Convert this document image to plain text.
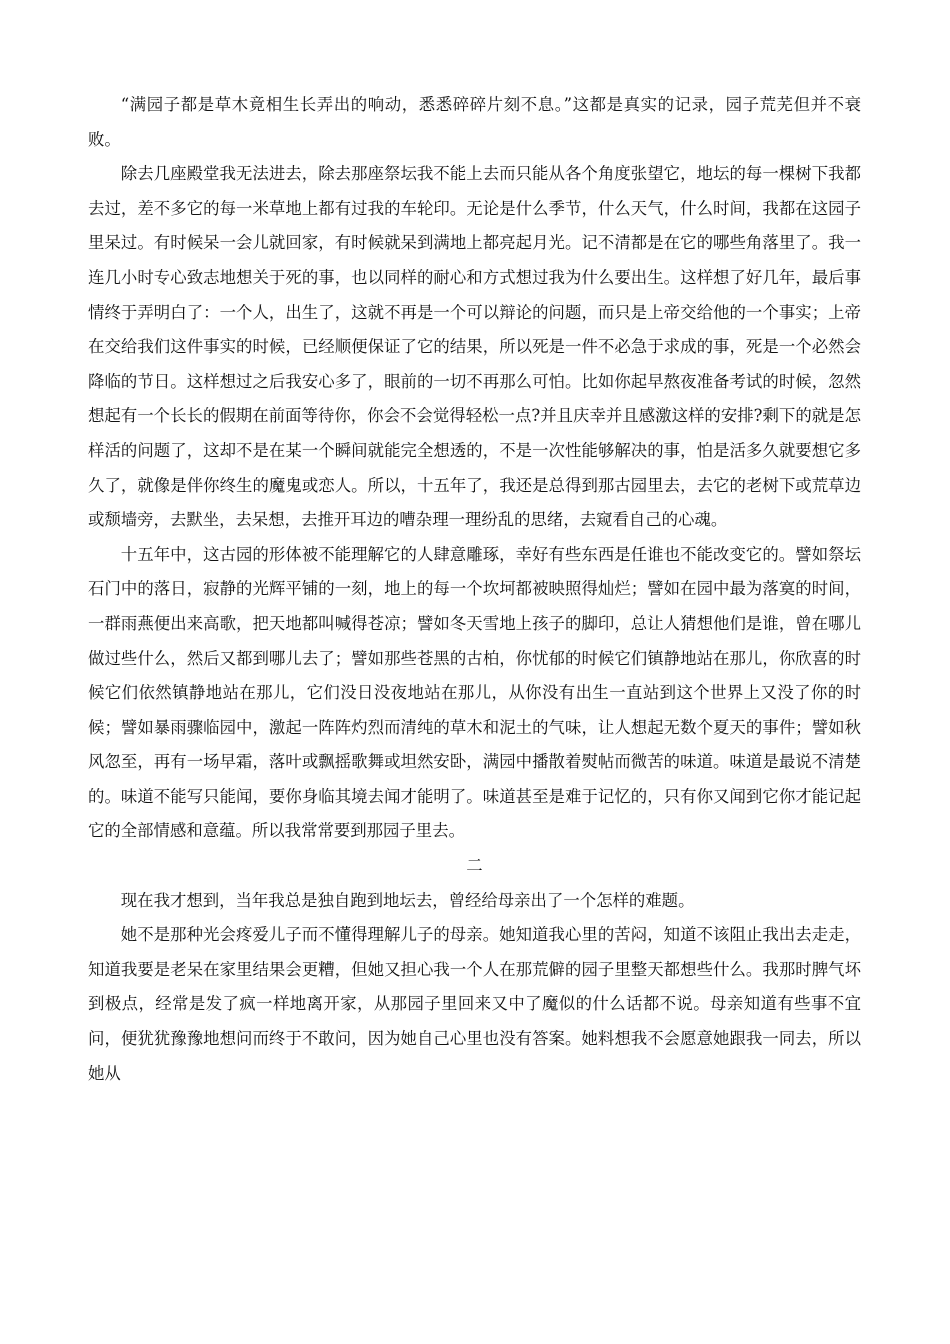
“满园子都是草木竟相生长弄出的响动，悉悉碎碎片刻不息。”这都是真实的记录，园子荒芜但并不衰败。

除去几座殿堂我无法进去，除去那座祭坛我不能上去而只能从各个角度张望它，地坛的每一棵树下我都去过，差不多它的每一米草地上都有过我的车轮印。无论是什么季节，什么天气，什么时间，我都在这园子里呆过。有时候呆一会儿就回家，有时候就呆到满地上都亮起月光。记不清都是在它的哪些角落里了。我一连几小时专心致志地想关于死的事，也以同样的耐心和方式想过我为什么要出生。这样想了好几年，最后事情终于弄明白了：一个人，出生了，这就不再是一个可以辩论的问题，而只是上帝交给他的一个事实；上帝在交给我们这件事实的时候，已经顺便保证了它的结果，所以死是一件不必急于求成的事，死是一个必然会降临的节日。这样想过之后我安心多了，眼前的一切不再那么可怕。比如你起早熬夜准备考试的时候，忽然想起有一个长长的假期在前面等待你，你会不会觉得轻松一点?并且庆幸并且感激这样的安排?剩下的就是怎样活的问题了，这却不是在某一个瞬间就能完全想透的，不是一次性能够解决的事，怕是活多久就要想它多久了，就像是伴你终生的魔鬼或恋人。所以，十五年了，我还是总得到那古园里去，去它的老树下或荒草边或颓墙旁，去默坐，去呆想，去推开耳边的嘈杂理一理纷乱的思绪，去窥看自己的心魂。

十五年中，这古园的形体被不能理解它的人肆意雕琢，幸好有些东西是任谁也不能改变它的。譬如祭坛石门中的落日，寂静的光辉平铺的一刻，地上的每一个坎坷都被映照得灿烂；譬如在园中最为落寞的时间，一群雨燕便出来高歌，把天地都叫喊得苍凉；譬如冬天雪地上孩子的脚印，总让人猜想他们是谁，曾在哪儿做过些什么，然后又都到哪儿去了；譬如那些苍黑的古柏，你忧郁的时候它们镇静地站在那儿，你欣喜的时候它们依然镇静地站在那儿，它们没日没夜地站在那儿，从你没有出生一直站到这个世界上又没了你的时候；譬如暴雨骤临园中，激起一阵阵灼烈而清纯的草木和泥土的气味，让人想起无数个夏天的事件；譬如秋风忽至，再有一场早霜，落叶或飘摇歌舞或坦然安卧，满园中播散着熨帖而微苦的味道。味道是最说不清楚的。味道不能写只能闻，要你身临其境去闻才能明了。味道甚至是难于记忆的，只有你又闻到它你才能记起它的全部情感和意蕴。所以我常常要到那园子里去。

二

现在我才想到，当年我总是独自跑到地坛去，曾经给母亲出了一个怎样的难题。

她不是那种光会疼爱儿子而不懂得理解儿子的母亲。她知道我心里的苦闷，知道不该阻止我出去走走，知道我要是老呆在家里结果会更糟，但她又担心我一个人在那荒僻的园子里整天都想些什么。我那时脾气坏到极点，经常是发了疯一样地离开家，从那园子里回来又中了魔似的什么话都不说。母亲知道有些事不宜问，便犹犹豫豫地想问而终于不敢问，因为她自己心里也没有答案。她料想我不会愿意她跟我一同去，所以她从
